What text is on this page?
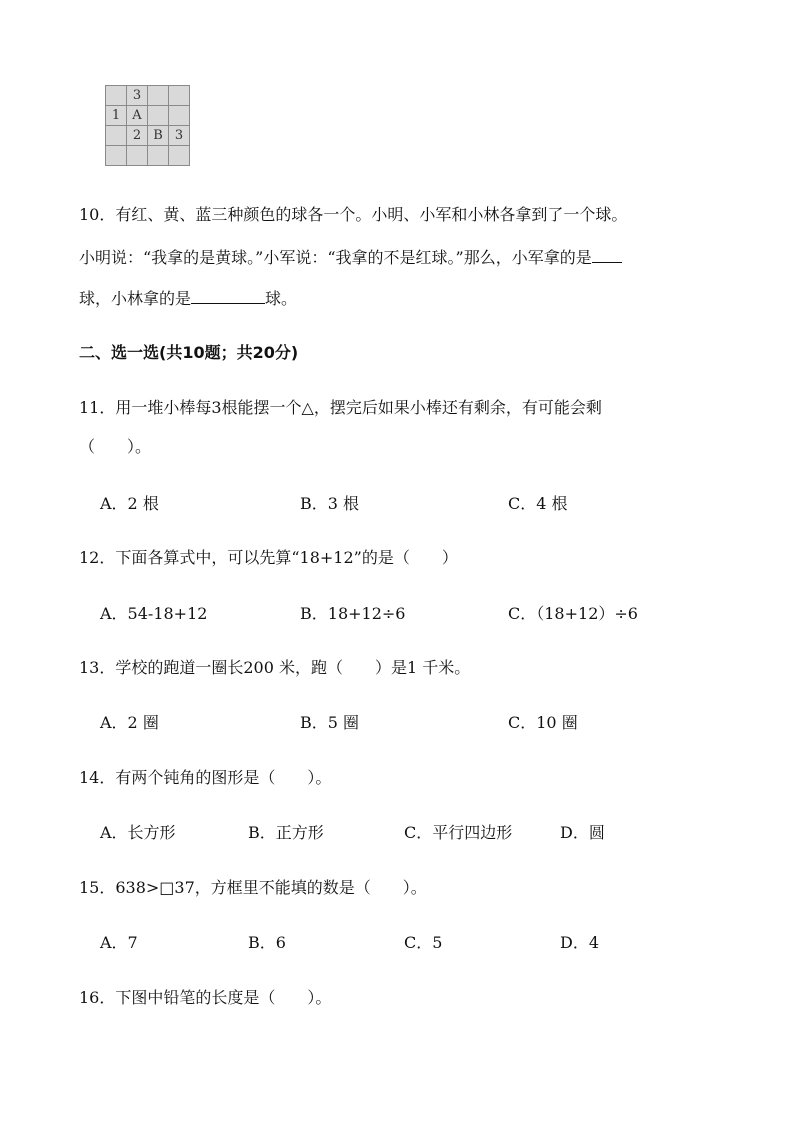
	3		
1	A		
	2	B	3

10．有红、黄、蓝三种颜色的球各一个。小明、小军和小林各拿到了一个球。
小明说：“我拿的是黄球。”小军说：“我拿的不是红球。”那么，小军拿的是
球，小林拿的是	球。
二、选一选(共10题；共20分)
11．用一堆小棒每3根能摆一个△，摆完后如果小棒还有剩余，有可能会剩
（　　）。
A．2 根	B．3 根	C．4 根
12．下面各算式中，可以先算“18+12”的是（　　）
A．54-18+12	B．18+12÷6	C．（18+12）÷6
13．学校的跑道一圈长200 米，跑（　　）是1 千米。
A．2 圈	B．5 圈	C．10 圈
14．有两个钝角的图形是（　　）。
A．长方形	B．正方形	C．平行四边形	D．圆
15．638>□37，方框里不能填的数是（　　）。
A．7	B．6	C．5	D．4
16．下图中铅笔的长度是（　　）。
